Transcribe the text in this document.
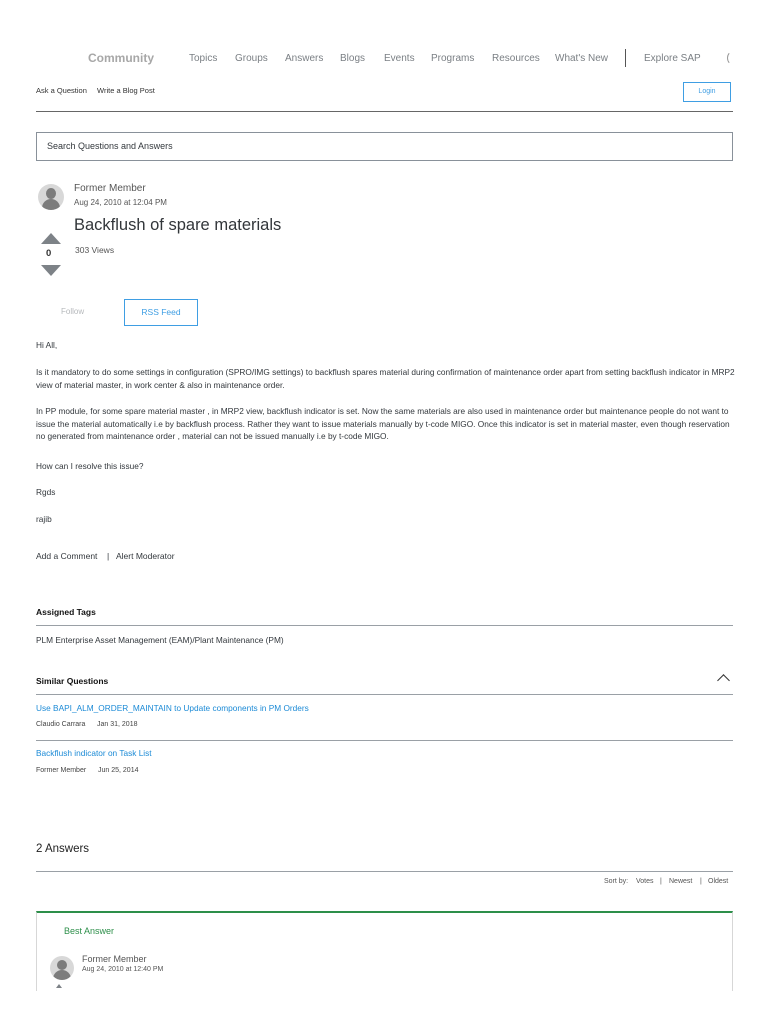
Community	Topics Groups Answers Blogs Events Programs Resources What's New	Explore SAP
Ask a Question Write a Blog Post	Login
Search Questions and Answers
Former Member
Aug 24, 2010 at 12:04 PM
Backflush of spare materials
303 Views
0
Follow	RSS Feed
Hi All,
Is it mandatory to do some settings in configuration (SPRO/IMG settings) to backflush spares material during confirmation of maintenance order apart from setting backflush indicator in MRP2 view of material master, in work center & also in maintenance order.
In PP module, for some spare material master , in MRP2 view, backflush indicator is set. Now the same materials are also used in maintenance order but maintenance people do not want to issue the material automatically i.e by backflush process. Rather they want to issue materials manually by t-code MIGO. Once this indicator is set in material master, even though reservation no generated from maintenance order , material can not be issued manually i.e by t-code MIGO.
How can I resolve this issue?
Rgds
rajib
Add a Comment | Alert Moderator
Assigned Tags
PLM Enterprise Asset Management (EAM)/Plant Maintenance (PM)
Similar Questions
Use BAPI_ALM_ORDER_MAINTAIN to Update components in PM Orders
Claudio Carrara Jan 31, 2018
Backflush indicator on Task List
Former Member Jun 25, 2014
2 Answers
Sort by: Votes | Newest | Oldest
Best Answer
Former Member
Aug 24, 2010 at 12:40 PM
